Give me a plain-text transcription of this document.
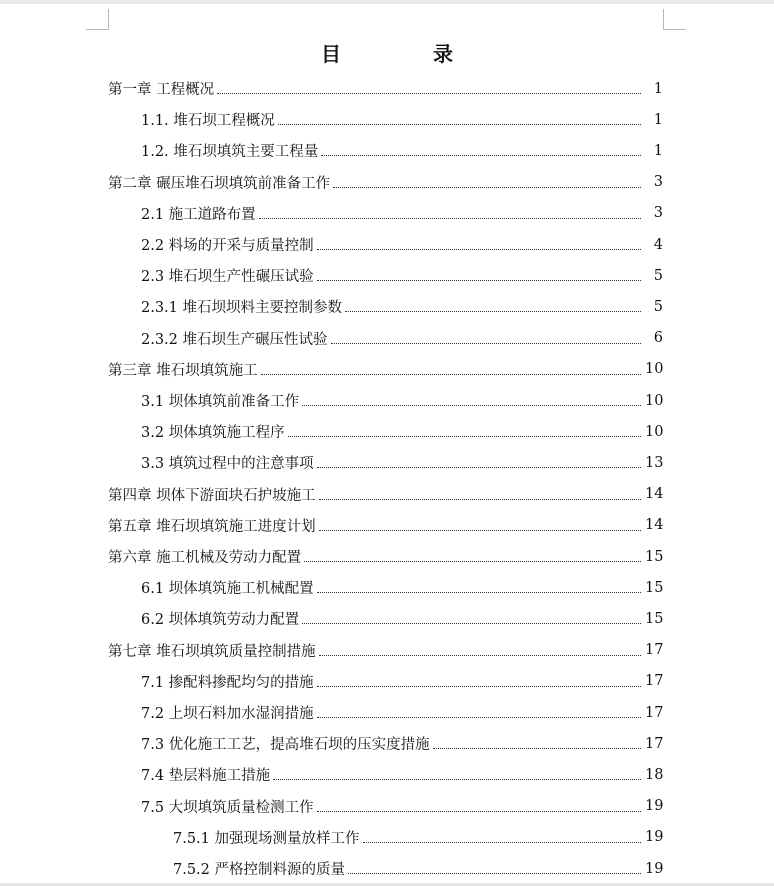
目　录
第一章 工程概况	1
1.1. 堆石坝工程概况	1
1.2. 堆石坝填筑主要工程量	1
第二章 碾压堆石坝填筑前准备工作	3
2.1 施工道路布置	3
2.2 料场的开采与质量控制	4
2.3 堆石坝生产性碾压试验	5
2.3.1 堆石坝坝料主要控制参数	5
2.3.2 堆石坝生产碾压性试验	6
第三章 堆石坝填筑施工	10
3.1 坝体填筑前准备工作	10
3.2 坝体填筑施工程序	10
3.3 填筑过程中的注意事项	13
第四章 坝体下游面块石护坡施工	14
第五章 堆石坝填筑施工进度计划	14
第六章 施工机械及劳动力配置	15
6.1 坝体填筑施工机械配置	15
6.2 坝体填筑劳动力配置	15
第七章 堆石坝填筑质量控制措施	17
7.1 掺配料掺配均匀的措施	17
7.2 上坝石料加水湿润措施	17
7.3 优化施工工艺，提高堆石坝的压实度措施	17
7.4 垫层料施工措施	18
7.5 大坝填筑质量检测工作	19
7.5.1 加强现场测量放样工作	19
7.5.2 严格控制料源的质量	19
